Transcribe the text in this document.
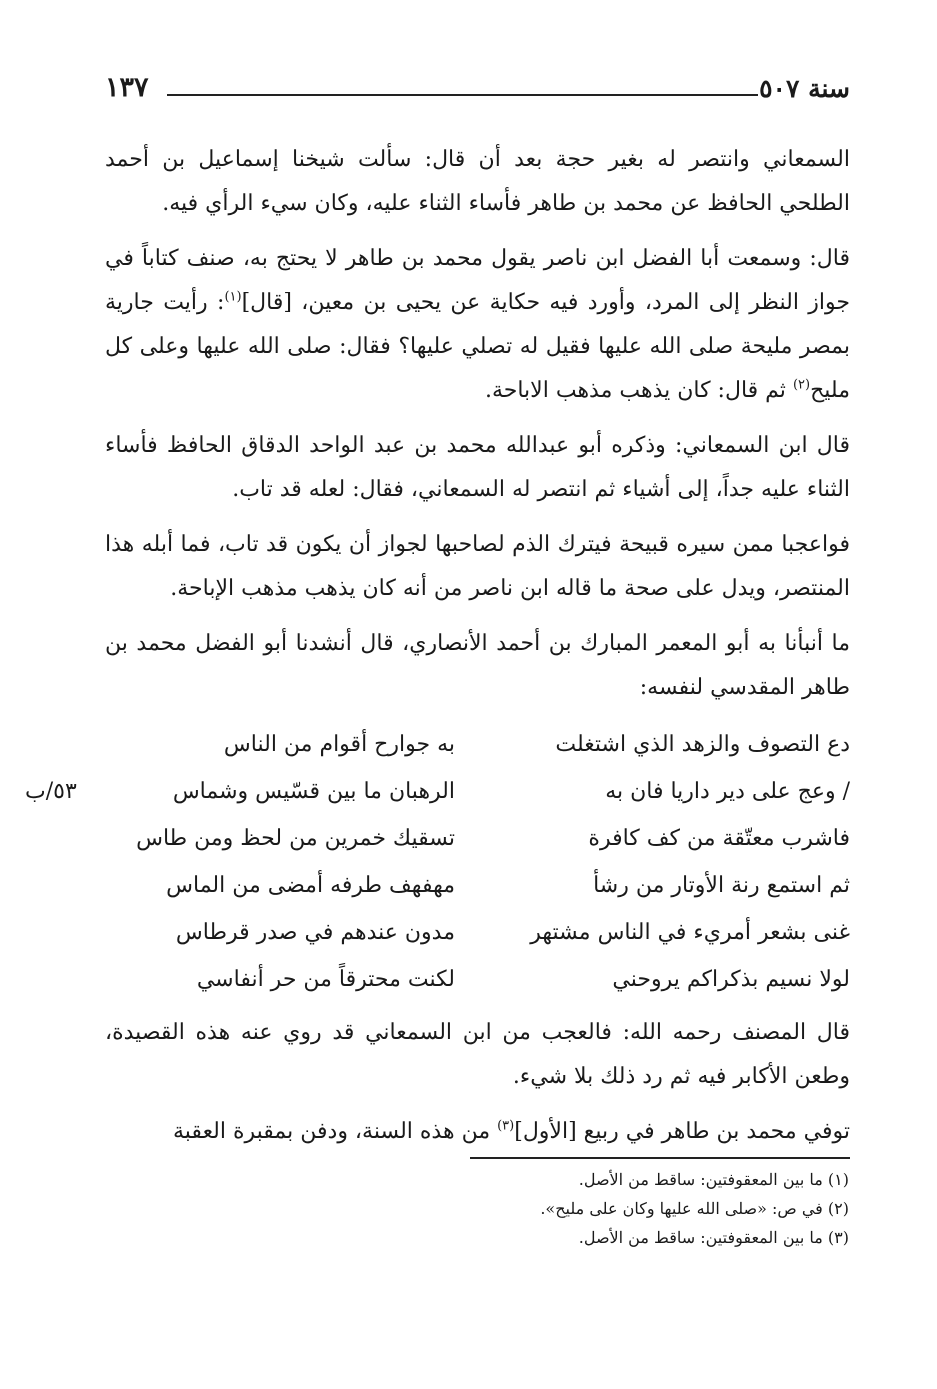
سنة ٥٠٧
١٣٧

السمعاني وانتصر له بغير حجة بعد أن قال: سألت شيخنا إسماعيل بن أحمد الطلحي الحافظ عن محمد بن طاهر فأساء الثناء عليه، وكان سيء الرأي فيه.

قال: وسمعت أبا الفضل ابن ناصر يقول محمد بن طاهر لا يحتج به، صنف كتاباً في جواز النظر إلى المرد، وأورد فيه حكاية عن يحيى بن معين، [قال]$^{(١)}$: رأيت جارية بمصر مليحة صلى الله عليها فقيل له تصلي عليها؟ فقال: صلى الله عليها وعلى كل مليح$^{(٢)}$ ثم قال: كان يذهب مذهب الاباحة.

قال ابن السمعاني: وذكره أبو عبدالله محمد بن عبد الواحد الدقاق الحافظ فأساء الثناء عليه جداً، إلى أشياء ثم انتصر له السمعاني، فقال: لعله قد تاب.

فواعجبا ممن سيره قبيحة فيترك الذم لصاحبها لجواز أن يكون قد تاب، فما أبله هذا المنتصر، ويدل على صحة ما قاله ابن ناصر من أنه كان يذهب مذهب الإباحة.

ما أنبأنا به أبو المعمر المبارك بن أحمد الأنصاري، قال أنشدنا أبو الفضل محمد بن طاهر المقدسي لنفسه:

٥٣/ب
دع التصوف والزهد الذي اشتغلت
به جوارح أقوام من الناس
/ وعج على دير داريا فان به
الرهبان ما بين قسّيس وشماس
فاشرب معتّقة من كف كافرة
تسقيك خمرين من لحظ ومن طاس
ثم استمع رنة الأوتار من رشأ
مهفهف طرفه أمضى من الماس
غنى بشعر أمريء في الناس مشتهر
مدون عندهم في صدر قرطاس
لولا نسيم بذكراكم يروحني
لكنت محترقاً من حر أنفاسي

قال المصنف رحمه الله: فالعجب من ابن السمعاني قد روي عنه هذه القصيدة، وطعن الأكابر فيه ثم رد ذلك بلا شيء.

توفي محمد بن طاهر في ربيع [الأول]$^{(٣)}$ من هذه السنة، ودفن بمقبرة العقبة

(١) ما بين المعقوفتين: ساقط من الأصل.
(٢) في ص: «صلى الله عليها وكان على مليح».
(٣) ما بين المعقوفتين: ساقط من الأصل.
